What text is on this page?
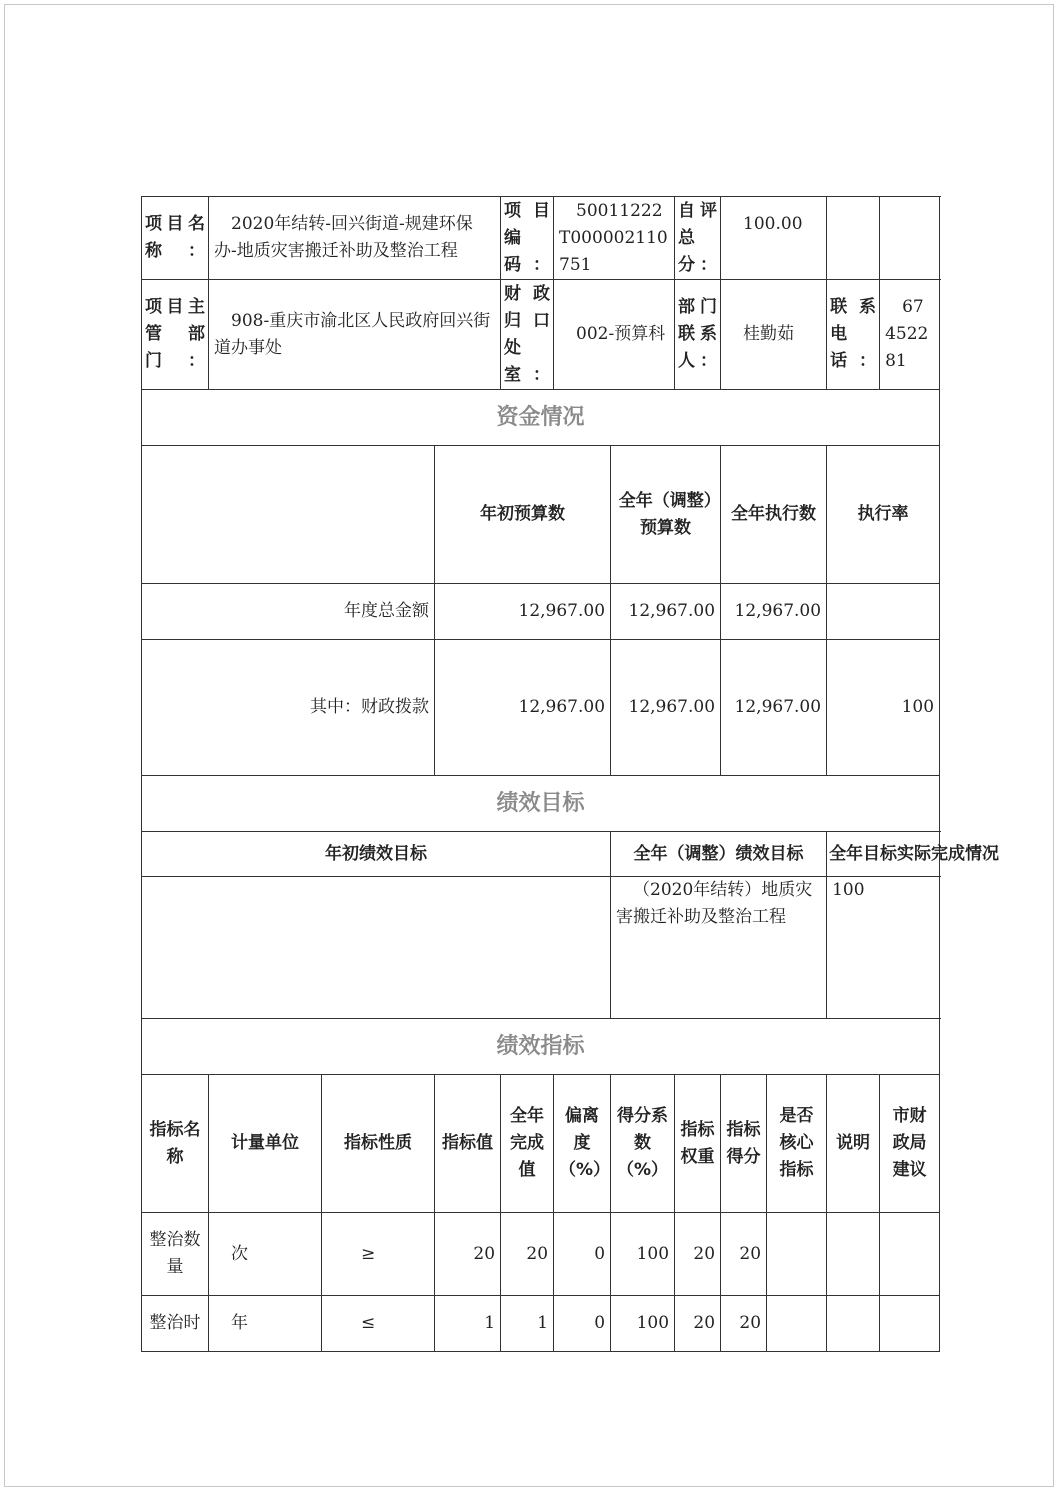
项目名称：	2020年结转-回兴街道-规建环保办-地质灾害搬迁补助及整治工程			项目编码：	50011222T000002110751		自评总分：	100.00				
项目主管部门：	908-重庆市渝北区人民政府回兴街道办事处			财政归口处室：	002-预算科		部门联系人：	桂勤茹		联系电话：	67452281	
资金情况												
			年初预算数			全年（调整）预算数		全年执行数		执行率		
年度总金额			12,967.00			12,967.00		12,967.00				
其中：财政拨款			12,967.00			12,967.00		12,967.00		100		
绩效目标												
年初绩效目标						全年（调整）绩效目标				全年目标实际完成情况		
						（2020年结转）地质灾害搬迁补助及整治工程				100		
绩效指标												
指标名称	计量单位	指标性质	指标值	全年完成值	偏离度（%）	得分系数（%）	指标权重	指标得分	是否核心指标	说明	市财政局建议	
整治数量	次	≥	20	20	0	100	20	20				
整治时	年	≤	1	1	0	100	20	20				
